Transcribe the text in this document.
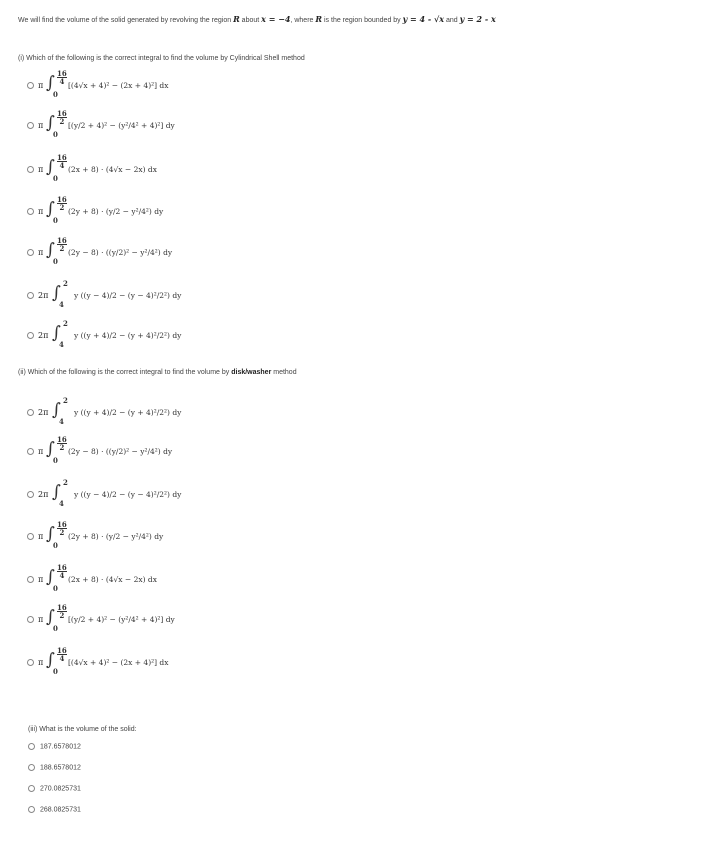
We will find the volume of the solid generated by revolving the region R about x = −4, where R is the region bounded by y = 4 - √x and y = 2 - x
(i) Which of the following is the correct integral to find the volume by Cylindrical Shell method
π ∫ 16
4
0
[(4√x + 4)² − (2x + 4)²] dx
π ∫ 16
2
0
[(y/2 + 4)² − (y²/4² + 4)²] dy
π ∫ 16
4
0
(2x + 8) · (4√x − 2x) dx
π ∫ 16
2
0
(2y + 8) · (y/2 − y²/4²) dy
π ∫ 16
2
0
(2y − 8) · ((y/2)² − y²/4²) dy
2π ∫ 2
4
y ((y − 4)/2 − (y − 4)²/2²) dy
2π ∫ 2
4
y ((y + 4)/2 − (y + 4)²/2²) dy
(ii) Which of the following is the correct integral to find the volume by disk/washer method
2π ∫ 2
4
y ((y + 4)/2 − (y + 4)²/2²) dy
π ∫ 16
2
0
(2y − 8) · ((y/2)² − y²/4²) dy
2π ∫ 2
4
y ((y − 4)/2 − (y − 4)²/2²) dy
π ∫ 16
2
0
(2y + 8) · (y/2 − y²/4²) dy
π ∫ 16
4
0
(2x + 8) · (4√x − 2x) dx
π ∫ 16
2
0
[(y/2 + 4)² − (y²/4² + 4)²] dy
π ∫ 16
4
0
[(4√x + 4)² − (2x + 4)²] dx
(iii) What is the volume of the solid:
187.6578012
188.6578012
270.0825731
268.0825731
